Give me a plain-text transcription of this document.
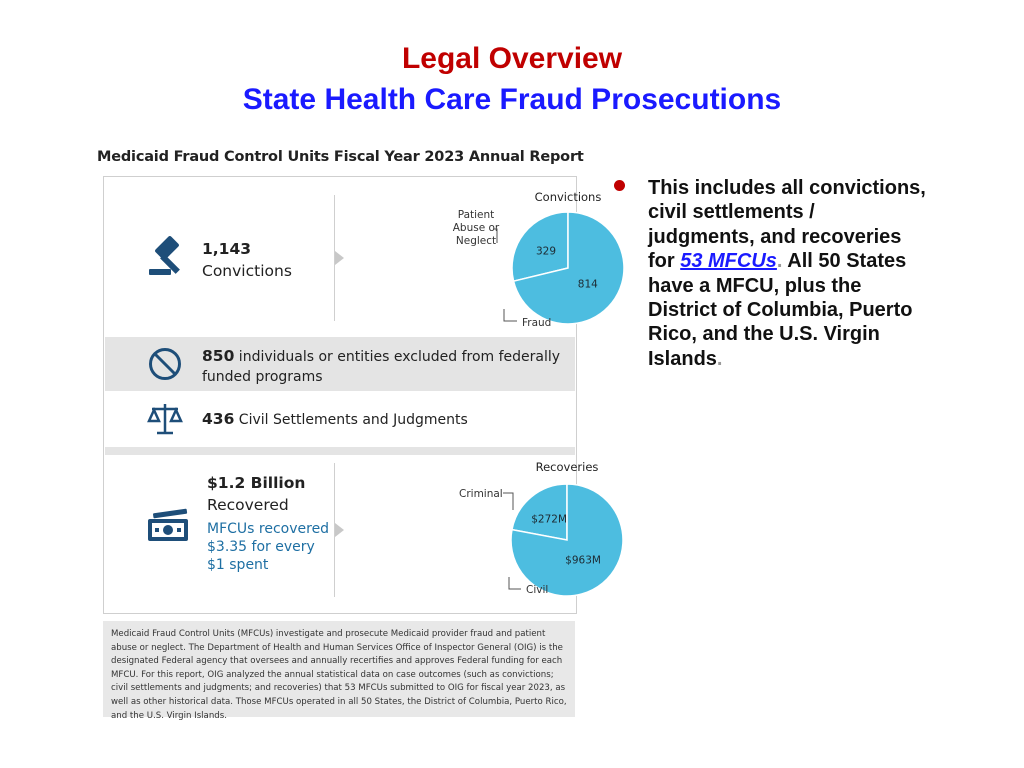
Legal Overview
State Health Care Fraud Prosecutions
Medicaid Fraud Control Units Fiscal Year 2023 Annual Report
1,143
Convictions
Convictions
329
814
Patient
Abuse or
Neglect
Fraud
850 individuals or entities excluded from federally funded programs
436 Civil Settlements and Judgments
$1.2 Billion
Recovered
MFCUs recovered
$3.35 for every
$1 spent
Recoveries
$272M
$963M
Criminal
Civil
Medicaid Fraud Control Units (MFCUs) investigate and prosecute Medicaid provider fraud and patient abuse or neglect. The Department of Health and Human Services Office of Inspector General (OIG) is the designated Federal agency that oversees and annually recertifies and approves Federal funding for each MFCU. For this report, OIG analyzed the annual statistical data on case outcomes (such as convictions; civil settlements and judgments; and recoveries) that 53 MFCUs submitted to OIG for fiscal year 2023, as well as other historical data. Those MFCUs operated in all 50 States, the District of Columbia, Puerto Rico, and the U.S. Virgin Islands.
This includes all convictions, civil settlements / judgments, and recoveries for 53 MFCUs. All 50 States have a MFCU, plus the District of Columbia, Puerto Rico, and the U.S. Virgin Islands.
